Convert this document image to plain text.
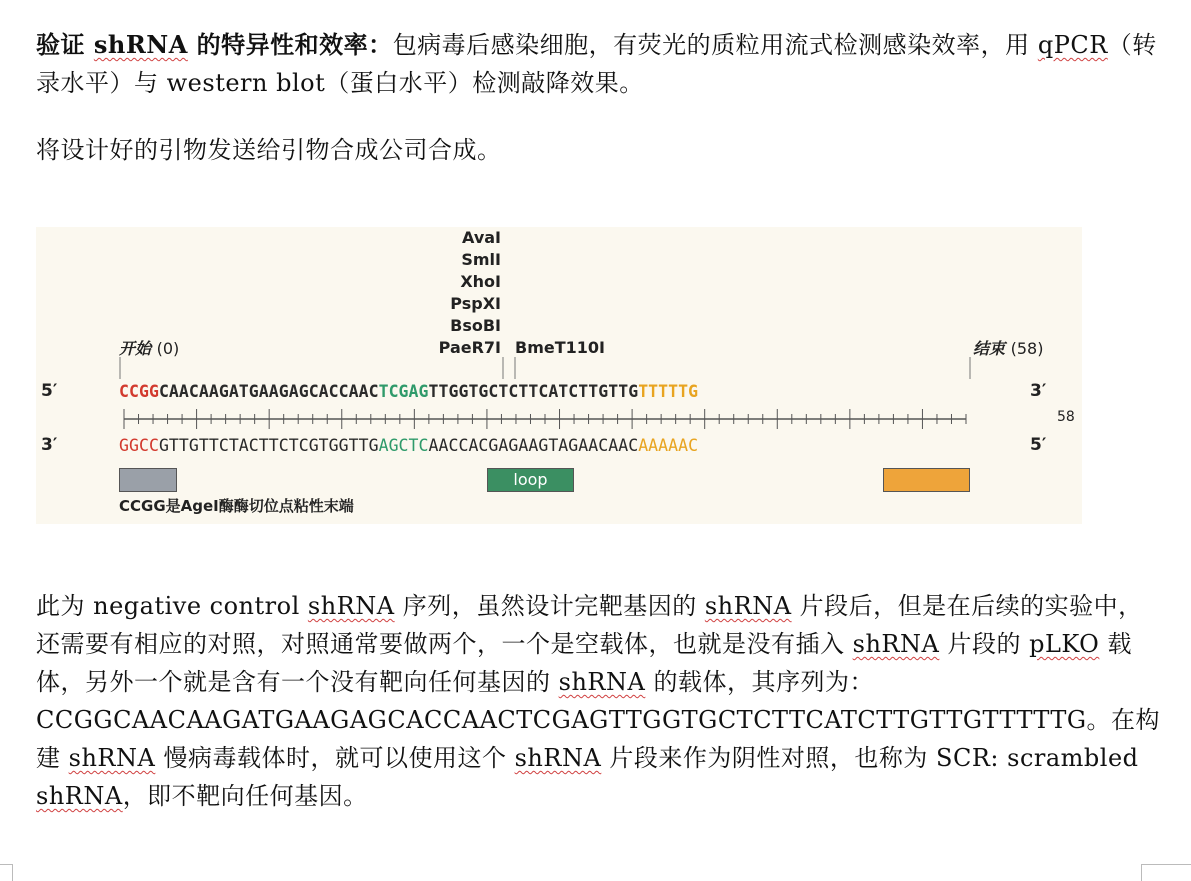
验证 shRNA 的特异性和效率：包病毒后感染细胞，有荧光的质粒用流式检测感染效率，用 qPCR（转录水平）与 western blot（蛋白水平）检测敲降效果。

将设计好的引物发送给引物合成公司合成。

AvaI
SmlI
XhoI
PspXI
BsoBI
PaeR7I BmeT110I
开始 (0)	结束 (58)
5′	3′
CCGGCAACAAGATGAAGAGCACCAACTCGAGTTGGTGCTCTTCATCTTGTTGTTTTTG
58
3′	5′
GGCCGTTGTTCTACTTCTCGTGGTTGAGCTCAACCACGAGAAGTAGAACAACAAAAAC
loop
CCGG是AgeI酶酶切位点粘性末端

此为 negative control shRNA 序列，虽然设计完靶基因的 shRNA 片段后，但是在后续的实验中，还需要有相应的对照，对照通常要做两个，一个是空载体，也就是没有插入 shRNA 片段的 pLKO 载体，另外一个就是含有一个没有靶向任何基因的 shRNA 的载体，其序列为：CCGGCAACAAGATGAAGAGCACCAACTCGAGTTGGTGCTCTTCATCTTGTTGTTTTTG。在构建 shRNA 慢病毒载体时，就可以使用这个 shRNA 片段来作为阴性对照，也称为 SCR: scrambled shRNA，即不靶向任何基因。
